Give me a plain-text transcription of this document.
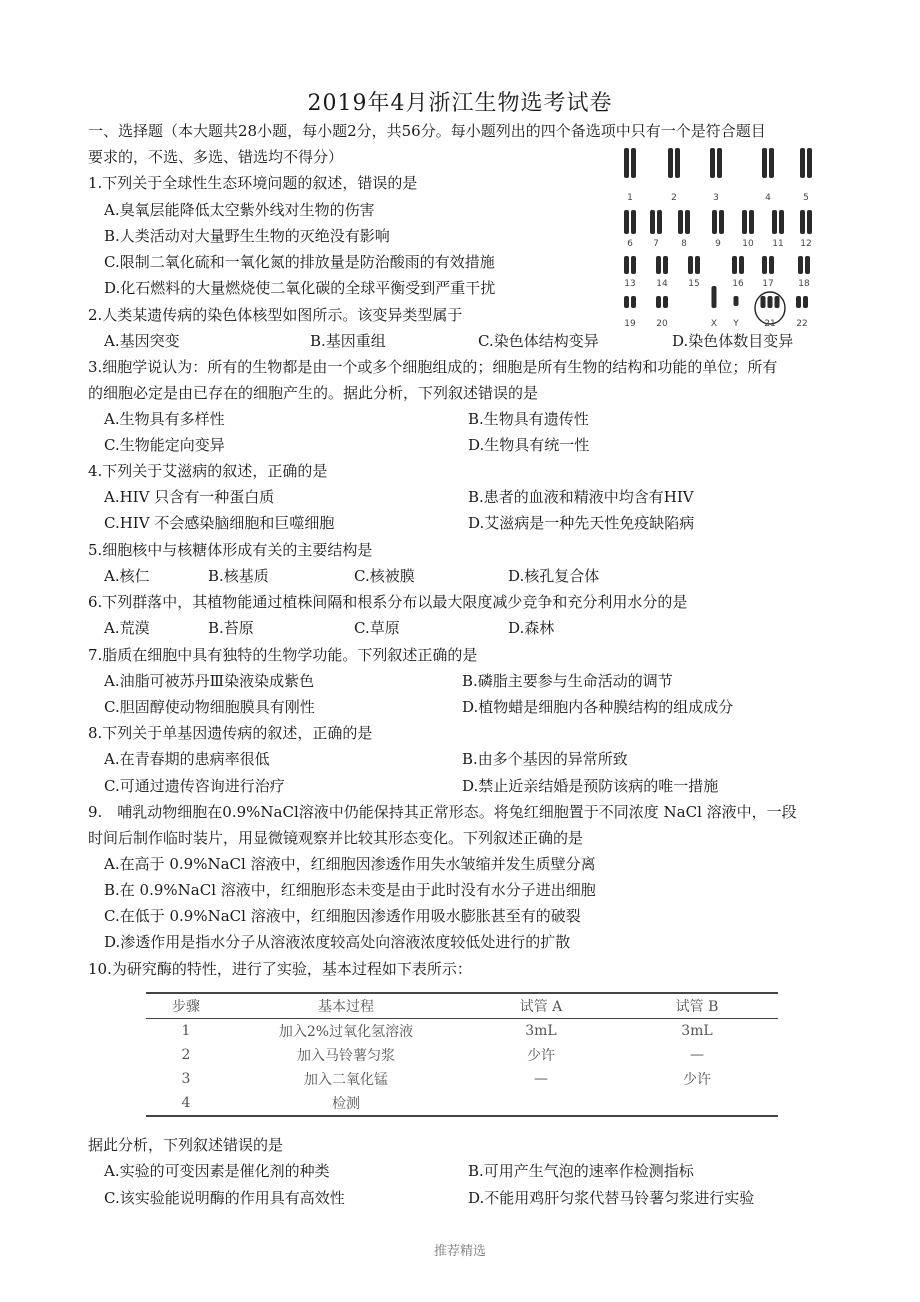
2019年4月浙江生物选考试卷
一、选择题（本大题共28小题，每小题2分，共56分。每小题列出的四个备选项中只有一个是符合题目
要求的，不选、多选、错选均不得分）
1.下列关于全球性生态环境问题的叙述，错误的是
A.臭氧层能降低太空紫外线对生物的伤害
B.人类活动对大量野生生物的灭绝没有影响
C.限制二氧化硫和一氧化氮的排放量是防治酸雨的有效措施
D.化石燃料的大量燃烧使二氧化碳的全球平衡受到严重干扰
1	2	3	4	5
6 7 8	9 10 11 12
13 14 15	16 17	18
19 20	X Y	21 22
2.人类某遗传病的染色体核型如图所示。该变异类型属于
A.基因突变	B.基因重组	C.染色体结构变异	D.染色体数目变异
3.细胞学说认为：所有的生物都是由一个或多个细胞组成的；细胞是所有生物的结构和功能的单位；所有
的细胞必定是由已存在的细胞产生的。据此分析，下列叙述错误的是
A.生物具有多样性	B.生物具有遗传性
C.生物能定向变异	D.生物具有统一性
4.下列关于艾滋病的叙述，正确的是
A.HIV 只含有一种蛋白质	B.患者的血液和精液中均含有HIV
C.HIV 不会感染脑细胞和巨噬细胞	D.艾滋病是一种先天性免疫缺陷病
5.细胞核中与核糖体形成有关的主要结构是
A.核仁	B.核基质	C.核被膜	D.核孔复合体
6.下列群落中，其植物能通过植株间隔和根系分布以最大限度减少竞争和充分利用水分的是
A.荒漠	B.苔原	C.草原	D.森林
7.脂质在细胞中具有独特的生物学功能。下列叙述正确的是
A.油脂可被苏丹Ⅲ染液染成紫色	B.磷脂主要参与生命活动的调节
C.胆固醇使动物细胞膜具有刚性	D.植物蜡是细胞内各种膜结构的组成成分
8.下列关于单基因遗传病的叙述，正确的是
A.在青春期的患病率很低	B.由多个基因的异常所致
C.可通过遗传咨询进行治疗	D.禁止近亲结婚是预防该病的唯一措施
9.　哺乳动物细胞在0.9%NaCl溶液中仍能保持其正常形态。将兔红细胞置于不同浓度 NaCl 溶液中，一段
时间后制作临时装片，用显微镜观察并比较其形态变化。下列叙述正确的是
A.在高于 0.9%NaCl 溶液中，红细胞因渗透作用失水皱缩并发生质壁分离
B.在 0.9%NaCl 溶液中，红细胞形态未变是由于此时没有水分子进出细胞
C.在低于 0.9%NaCl 溶液中，红细胞因渗透作用吸水膨胀甚至有的破裂
D.渗透作用是指水分子从溶液浓度较高处向溶液浓度较低处进行的扩散
10.为研究酶的特性，进行了实验，基本过程如下表所示：
步骤	基本过程	试管 A	试管 B
1	加入2%过氧化氢溶液	3mL	3mL
2	加入马铃薯匀浆	少许	—
3	加入二氧化锰	—	少许
4	检测		
据此分析，下列叙述错误的是
A.实验的可变因素是催化剂的种类	B.可用产生气泡的速率作检测指标
C.该实验能说明酶的作用具有高效性	D.不能用鸡肝匀浆代替马铃薯匀浆进行实验
推荐精选
